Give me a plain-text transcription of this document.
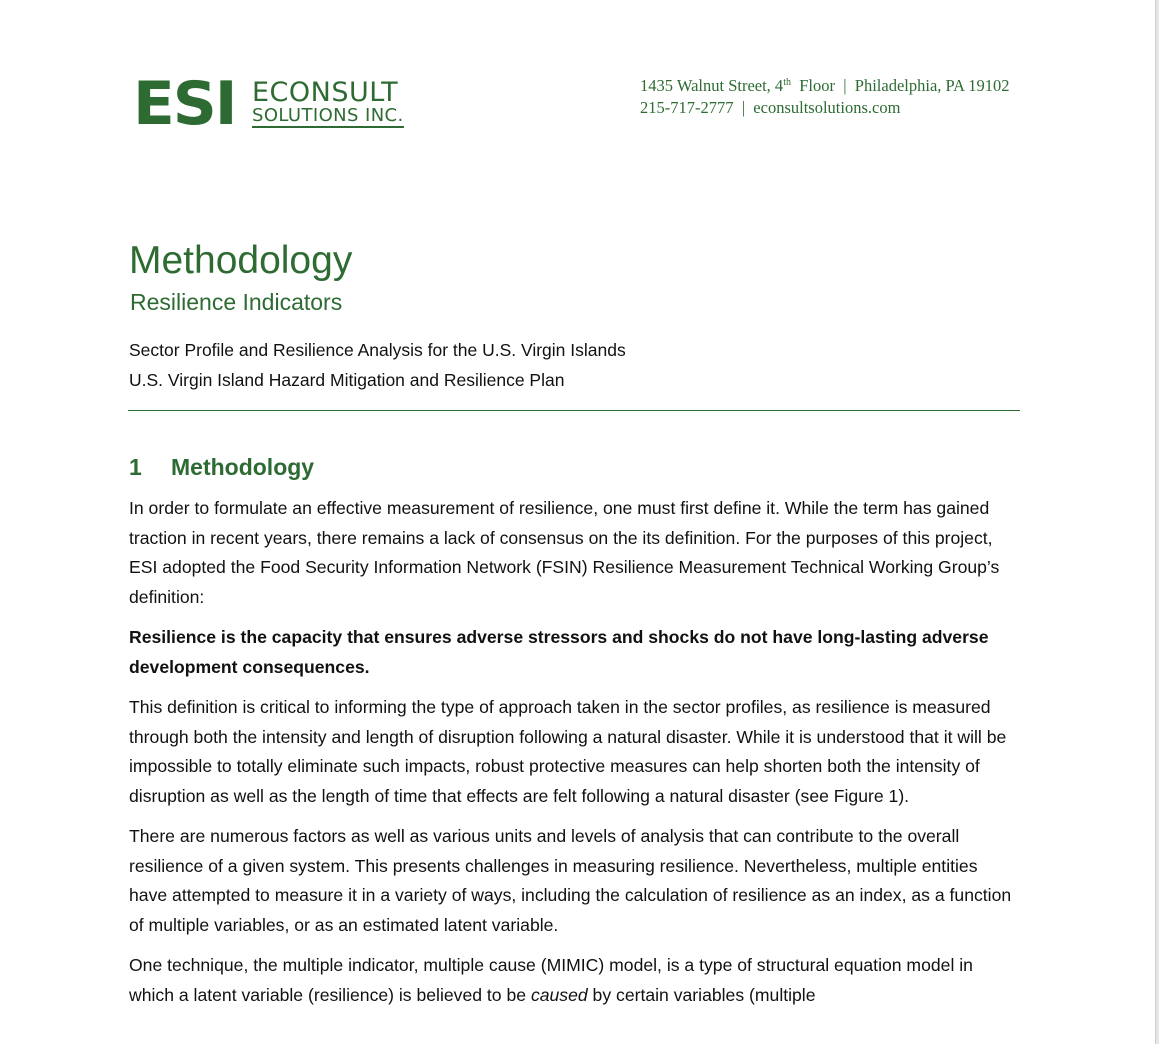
ESI ECONSULT
SOLUTIONS INC.
1435 Walnut Street, 4th  Floor  |  Philadelphia, PA 19102
215-717-2777  |  econsultsolutions.com
Methodology
Resilience Indicators
Sector Profile and Resilience Analysis for the U.S. Virgin Islands
U.S. Virgin Island Hazard Mitigation and Resilience Plan
1 Methodology

In order to formulate an effective measurement of resilience, one must first define it. While the term has gained traction in recent years, there remains a lack of consensus on the its definition. For the purposes of this project, ESI adopted the Food Security Information Network (FSIN) Resilience Measurement Technical Working Group’s definition:

Resilience is the capacity that ensures adverse stressors and shocks do not have long-lasting adverse development consequences.

This definition is critical to informing the type of approach taken in the sector profiles, as resilience is measured through both the intensity and length of disruption following a natural disaster. While it is understood that it will be impossible to totally eliminate such impacts, robust protective measures can help shorten both the intensity of disruption as well as the length of time that effects are felt following a natural disaster (see Figure 1).

There are numerous factors as well as various units and levels of analysis that can contribute to the overall resilience of a given system. This presents challenges in measuring resilience. Nevertheless, multiple entities have attempted to measure it in a variety of ways, including the calculation of resilience as an index, as a function of multiple variables, or as an estimated latent variable.

One technique, the multiple indicator, multiple cause (MIMIC) model, is a type of structural equation model in which a latent variable (resilience) is believed to be caused by certain variables (multiple
